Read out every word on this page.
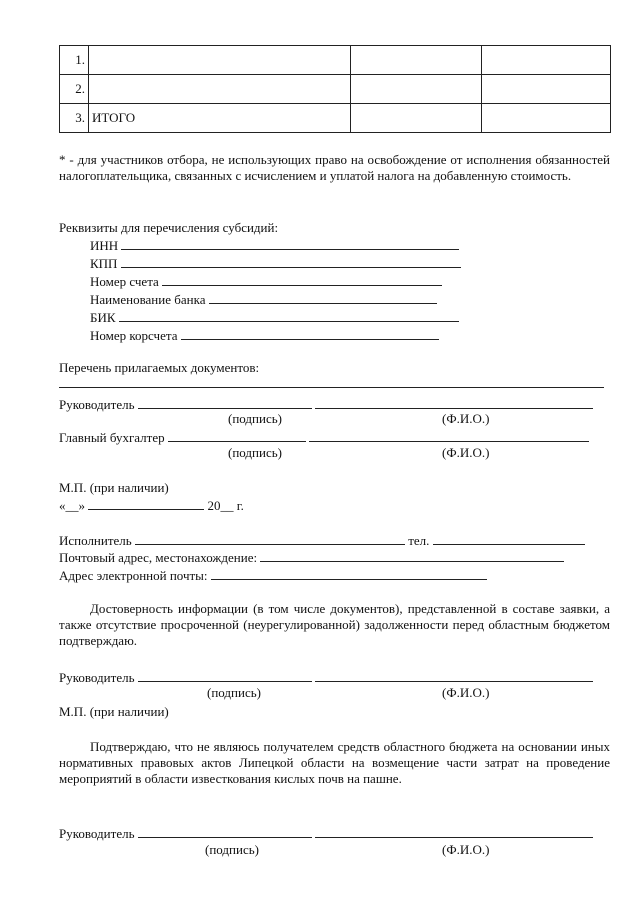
1.			
2.			
3.	ИТОГО		
* - для участников отбора, не использующих право на освобождение от исполнения обязанностей налогоплательщика, связанных с исчислением и уплатой налога на добавленную стоимость.
Реквизиты для перечисления субсидий:
ИНН
КПП
Номер счета
Наименование банка
БИК
Номер корсчета
Перечень прилагаемых документов:
Руководитель
(подпись)	(Ф.И.О.)
Главный бухгалтер
(подпись)	(Ф.И.О.)
М.П. (при наличии)
«__»	20__ г.
Исполнитель	тел.
Почтовый адрес, местонахождение:
Адрес электронной почты:
Достоверность информации (в том числе документов), представленной в составе заявки, а также отсутствие просроченной (неурегулированной) задолженности перед областным бюджетом подтверждаю.
Руководитель
(подпись)	(Ф.И.О.)
М.П. (при наличии)
Подтверждаю, что не являюсь получателем средств областного бюджета на основании иных нормативных правовых актов Липецкой области на возмещение части затрат на проведение мероприятий в области известкования кислых почв на пашне.
Руководитель
(подпись)	(Ф.И.О.)
